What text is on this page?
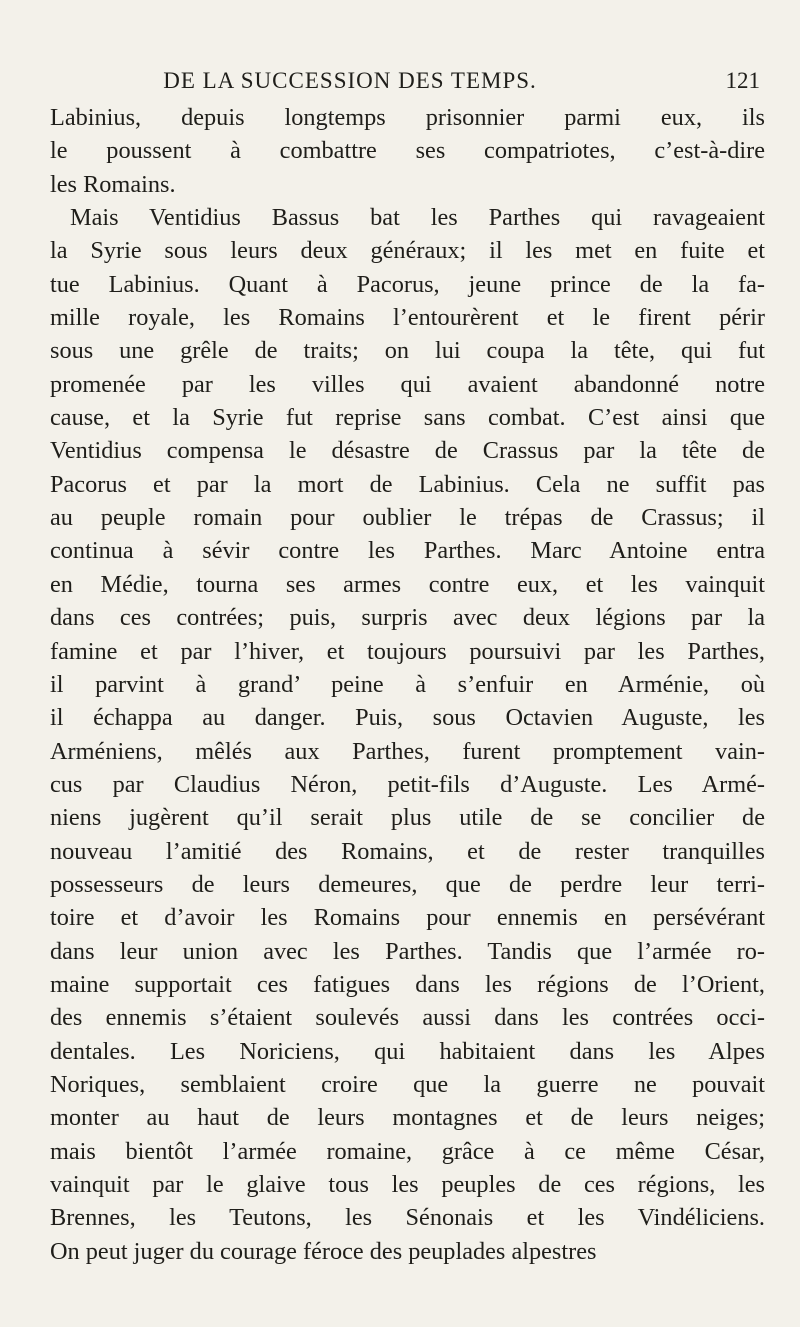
DE LA SUCCESSION DES TEMPS.	121
Labinius, depuis longtemps prisonnier parmi eux, ils
le poussent à combattre ses compatriotes, c’est-à-dire
les Romains.
Mais Ventidius Bassus bat les Parthes qui ravageaient
la Syrie sous leurs deux généraux; il les met en fuite et
tue Labinius. Quant à Pacorus, jeune prince de la fa-
mille royale, les Romains l’entourèrent et le firent périr
sous une grêle de traits; on lui coupa la tête, qui fut
promenée par les villes qui avaient abandonné notre
cause, et la Syrie fut reprise sans combat. C’est ainsi que
Ventidius compensa le désastre de Crassus par la tête de
Pacorus et par la mort de Labinius. Cela ne suffit pas
au peuple romain pour oublier le trépas de Crassus; il
continua à sévir contre les Parthes. Marc Antoine entra
en Médie, tourna ses armes contre eux, et les vainquit
dans ces contrées; puis, surpris avec deux légions par la
famine et par l’hiver, et toujours poursuivi par les Parthes,
il parvint à grand’ peine à s’enfuir en Arménie, où
il échappa au danger. Puis, sous Octavien Auguste, les
Arméniens, mêlés aux Parthes, furent promptement vain-
cus par Claudius Néron, petit-fils d’Auguste. Les Armé-
niens jugèrent qu’il serait plus utile de se concilier de
nouveau l’amitié des Romains, et de rester tranquilles
possesseurs de leurs demeures, que de perdre leur terri-
toire et d’avoir les Romains pour ennemis en persévérant
dans leur union avec les Parthes. Tandis que l’armée ro-
maine supportait ces fatigues dans les régions de l’Orient,
des ennemis s’étaient soulevés aussi dans les contrées occi-
dentales. Les Noriciens, qui habitaient dans les Alpes
Noriques, semblaient croire que la guerre ne pouvait
monter au haut de leurs montagnes et de leurs neiges;
mais bientôt l’armée romaine, grâce à ce même César,
vainquit par le glaive tous les peuples de ces régions, les
Brennes, les Teutons, les Sénonais et les Vindéliciens.
On peut juger du courage féroce des peuplades alpestres
